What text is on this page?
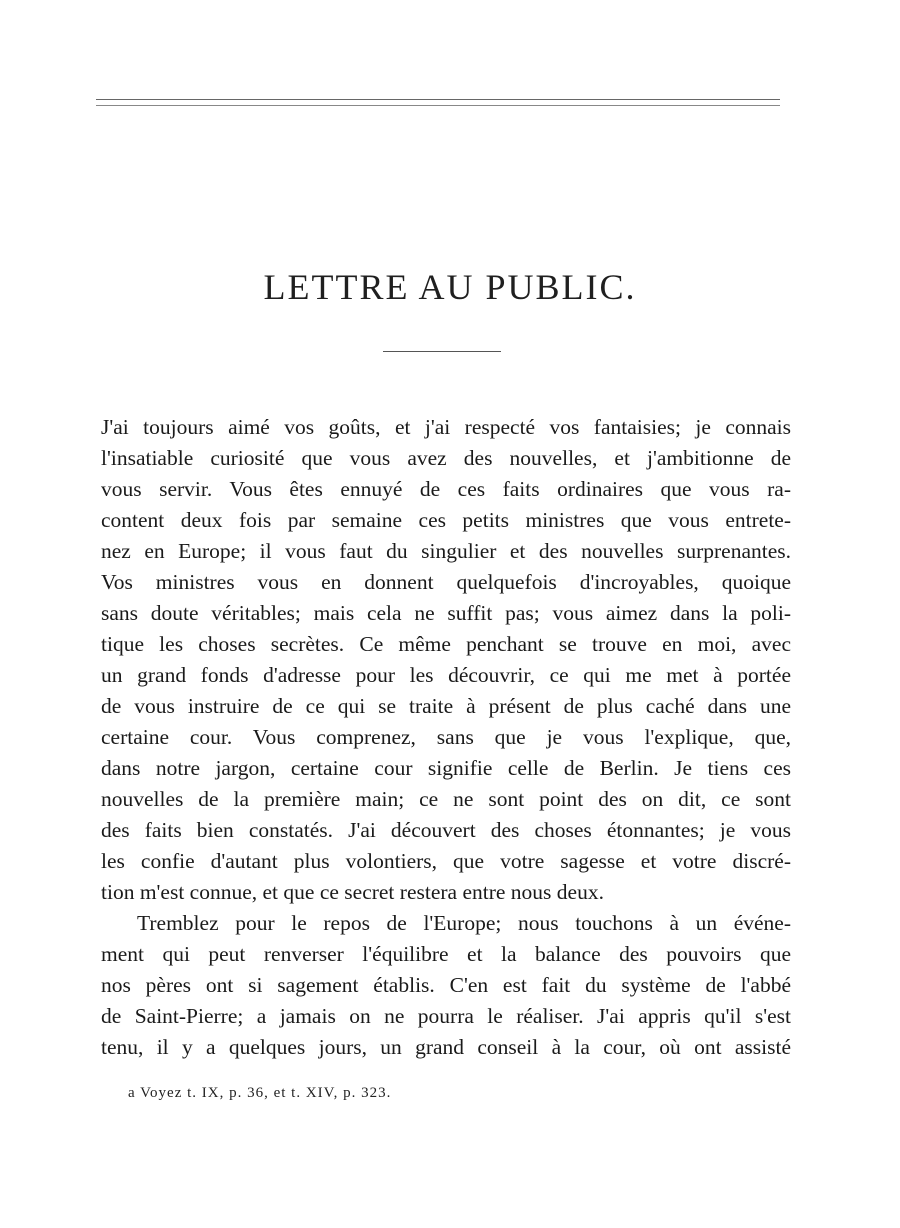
LETTRE AU PUBLIC.
J'ai toujours aimé vos goûts, et j'ai respecté vos fantaisies; je connais
l'insatiable curiosité que vous avez des nouvelles, et j'ambitionne de
vous servir. Vous êtes ennuyé de ces faits ordinaires que vous ra-
content deux fois par semaine ces petits ministres que vous entrete-
nez en Europe; il vous faut du singulier et des nouvelles surprenantes.
Vos ministres vous en donnent quelquefois d'incroyables, quoique
sans doute véritables; mais cela ne suffit pas; vous aimez dans la poli-
tique les choses secrètes. Ce même penchant se trouve en moi, avec
un grand fonds d'adresse pour les découvrir, ce qui me met à portée
de vous instruire de ce qui se traite à présent de plus caché dans une
certaine cour. Vous comprenez, sans que je vous l'explique, que,
dans notre jargon, certaine cour signifie celle de Berlin. Je tiens ces
nouvelles de la première main; ce ne sont point des on dit, ce sont
des faits bien constatés. J'ai découvert des choses étonnantes; je vous
les confie d'autant plus volontiers, que votre sagesse et votre discré-
tion m'est connue, et que ce secret restera entre nous deux.
Tremblez pour le repos de l'Europe; nous touchons à un événe-
ment qui peut renverser l'équilibre et la balance des pouvoirs que
nos pères ont si sagement établis. C'en est fait du système de l'abbé
de Saint-Pierre; a jamais on ne pourra le réaliser. J'ai appris qu'il s'est
tenu, il y a quelques jours, un grand conseil à la cour, où ont assisté
a Voyez t. IX, p. 36, et t. XIV, p. 323.
